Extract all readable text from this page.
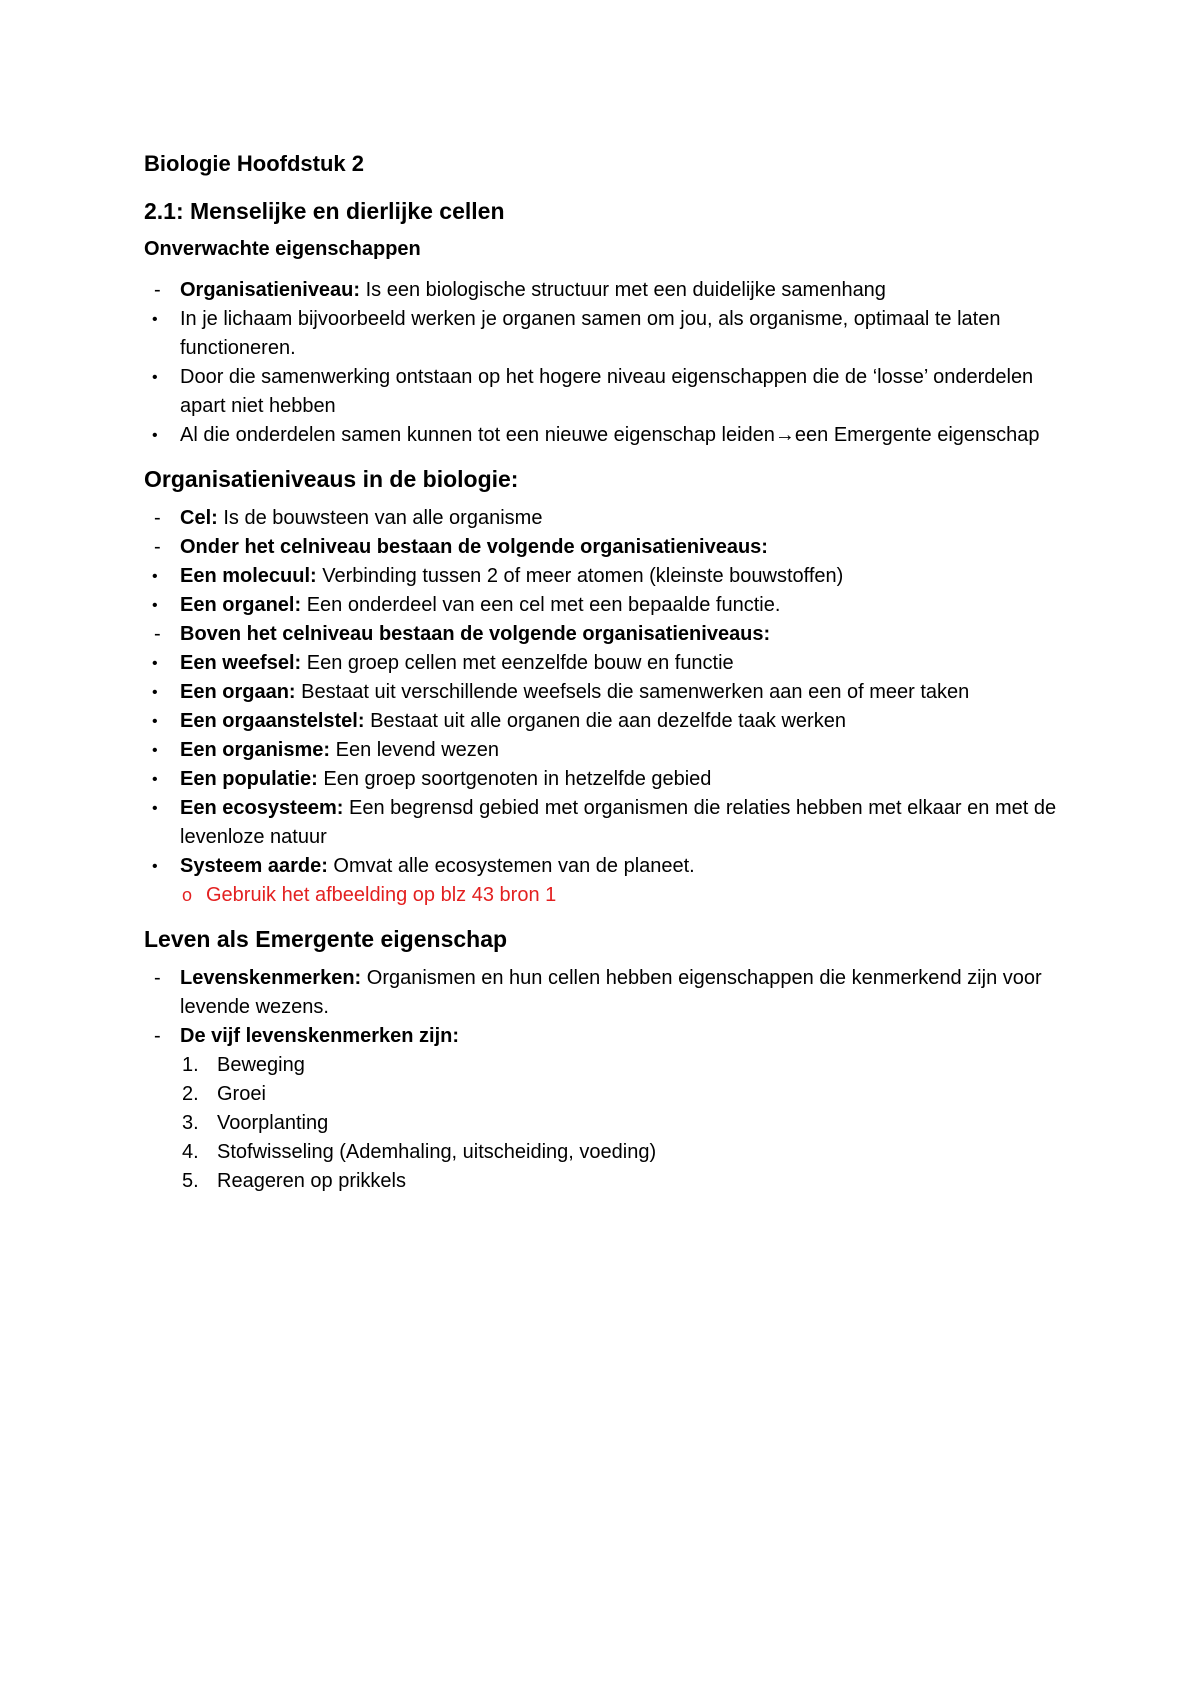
Biologie Hoofdstuk 2
2.1: Menselijke en dierlijke cellen
Onverwachte eigenschappen
- Organisatieniveau: Is een biologische structuur met een duidelijke samenhang
•	In je lichaam bijvoorbeeld werken je organen samen om jou, als organisme, optimaal te laten functioneren.
•	Door die samenwerking ontstaan op het hogere niveau eigenschappen die de ‘losse’ onderdelen apart niet hebben
•	Al die onderdelen samen kunnen tot een nieuwe eigenschap leiden→een Emergente eigenschap
Organisatieniveaus in de biologie:
- Cel: Is de bouwsteen van alle organisme
- Onder het celniveau bestaan de volgende organisatieniveaus:
•	Een molecuul: Verbinding tussen 2 of meer atomen (kleinste bouwstoffen)
•	Een organel: Een onderdeel van een cel met een bepaalde functie.
- Boven het celniveau bestaan de volgende organisatieniveaus:
•	Een weefsel: Een groep cellen met eenzelfde bouw en functie
•	Een orgaan: Bestaat uit verschillende weefsels die samenwerken aan een of meer taken
•	Een orgaanstelstel: Bestaat uit alle organen die aan dezelfde taak werken
•	Een organisme: Een levend wezen
•	Een populatie: Een groep soortgenoten in hetzelfde gebied
•	Een ecosysteem: Een begrensd gebied met organismen die relaties hebben met elkaar en met de levenloze natuur
•	Systeem aarde: Omvat alle ecosystemen van de planeet.
o Gebruik het afbeelding op blz 43 bron 1
Leven als Emergente eigenschap
- Levenskenmerken: Organismen en hun cellen hebben eigenschappen die kenmerkend zijn voor levende wezens.
- De vijf levenskenmerken zijn:
1. Beweging
2. Groei
3. Voorplanting
4. Stofwisseling (Ademhaling, uitscheiding, voeding)
5. Reageren op prikkels
